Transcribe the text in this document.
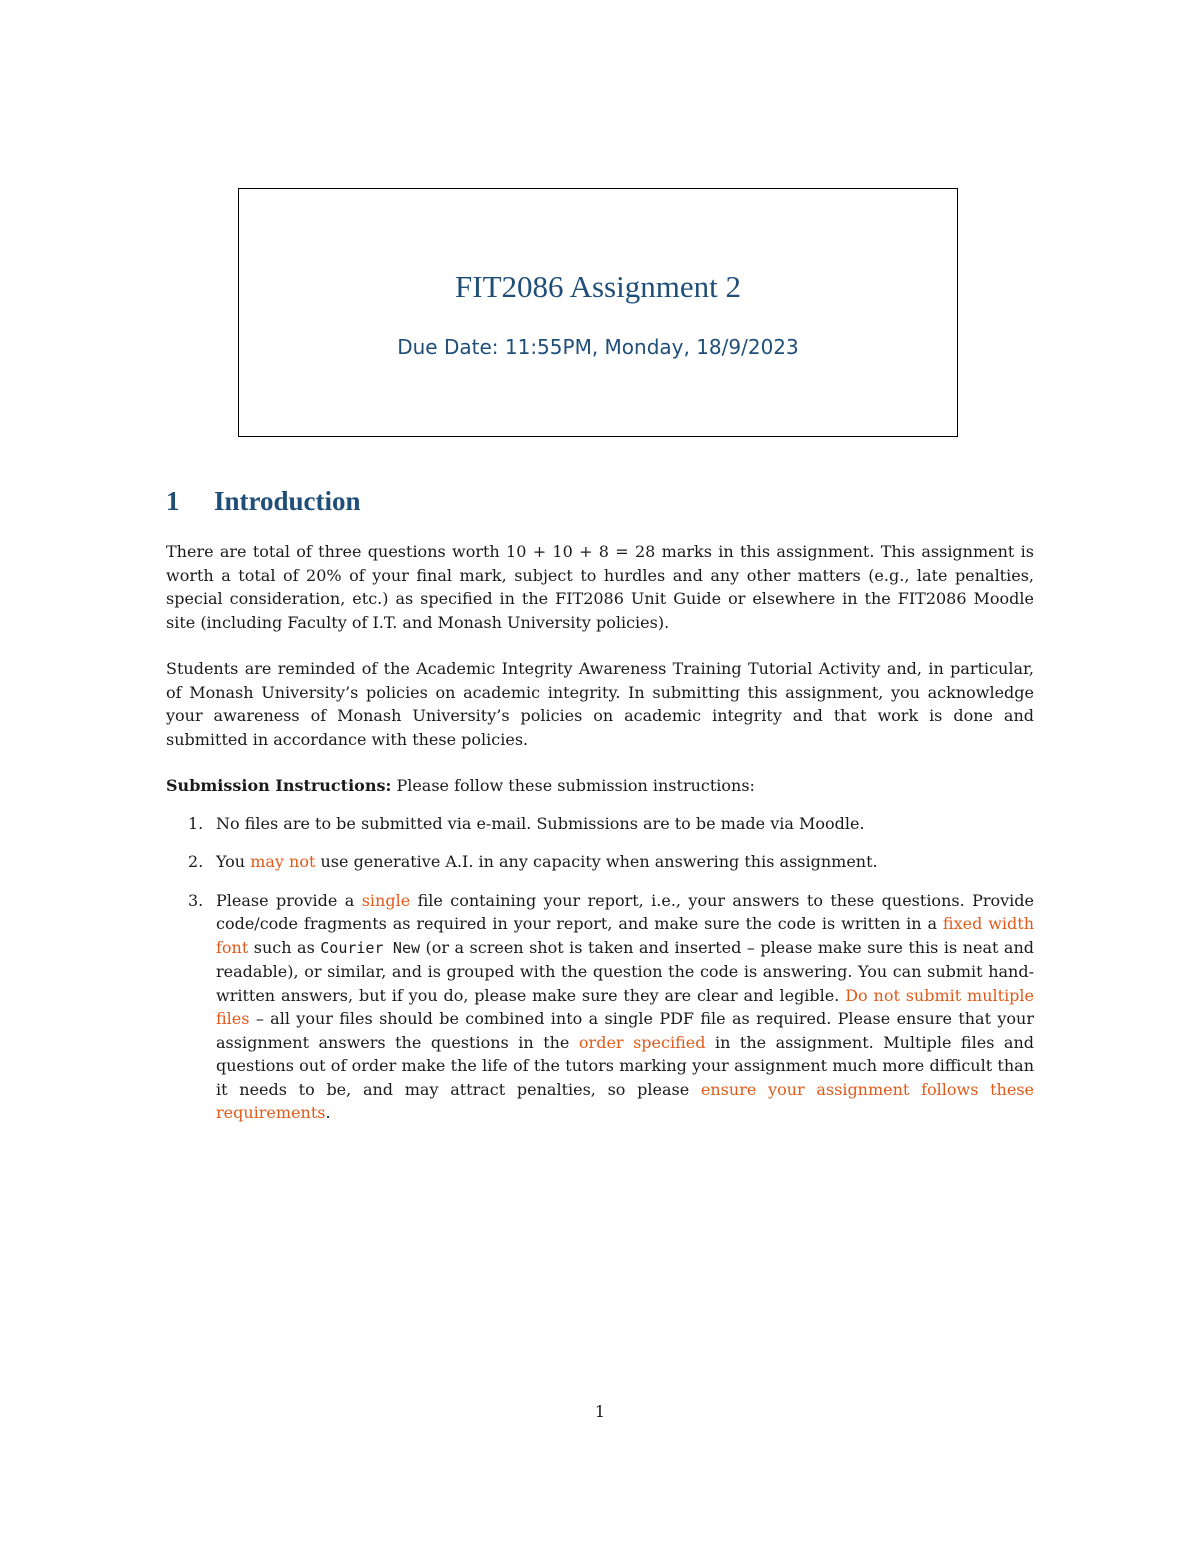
FIT2086 Assignment 2
Due Date: 11:55PM, Monday, 18/9/2023
1 Introduction

There are total of three questions worth 10 + 10 + 8 = 28 marks in this assignment. This assignment is worth a total of 20% of your final mark, subject to hurdles and any other matters (e.g., late penalties, special consideration, etc.) as specified in the FIT2086 Unit Guide or elsewhere in the FIT2086 Moodle site (including Faculty of I.T. and Monash University policies).

Students are reminded of the Academic Integrity Awareness Training Tutorial Activity and, in particular, of Monash University’s policies on academic integrity. In submitting this assignment, you acknowledge your awareness of Monash University’s policies on academic integrity and that work is done and submitted in accordance with these policies.

Submission Instructions: Please follow these submission instructions:

1. No files are to be submitted via e-mail. Submissions are to be made via Moodle.
2. You may not use generative A.I. in any capacity when answering this assignment.
3. Please provide a single file containing your report, i.e., your answers to these questions. Provide code/code fragments as required in your report, and make sure the code is written in a fixed width font such as Courier New (or a screen shot is taken and inserted – please make sure this is neat and readable), or similar, and is grouped with the question the code is answering. You can submit hand-written answers, but if you do, please make sure they are clear and legible. Do not submit multiple files – all your files should be combined into a single PDF file as required. Please ensure that your assignment answers the questions in the order specified in the assignment. Multiple files and questions out of order make the life of the tutors marking your assignment much more difficult than it needs to be, and may attract penalties, so please ensure your assignment follows these requirements.
1
